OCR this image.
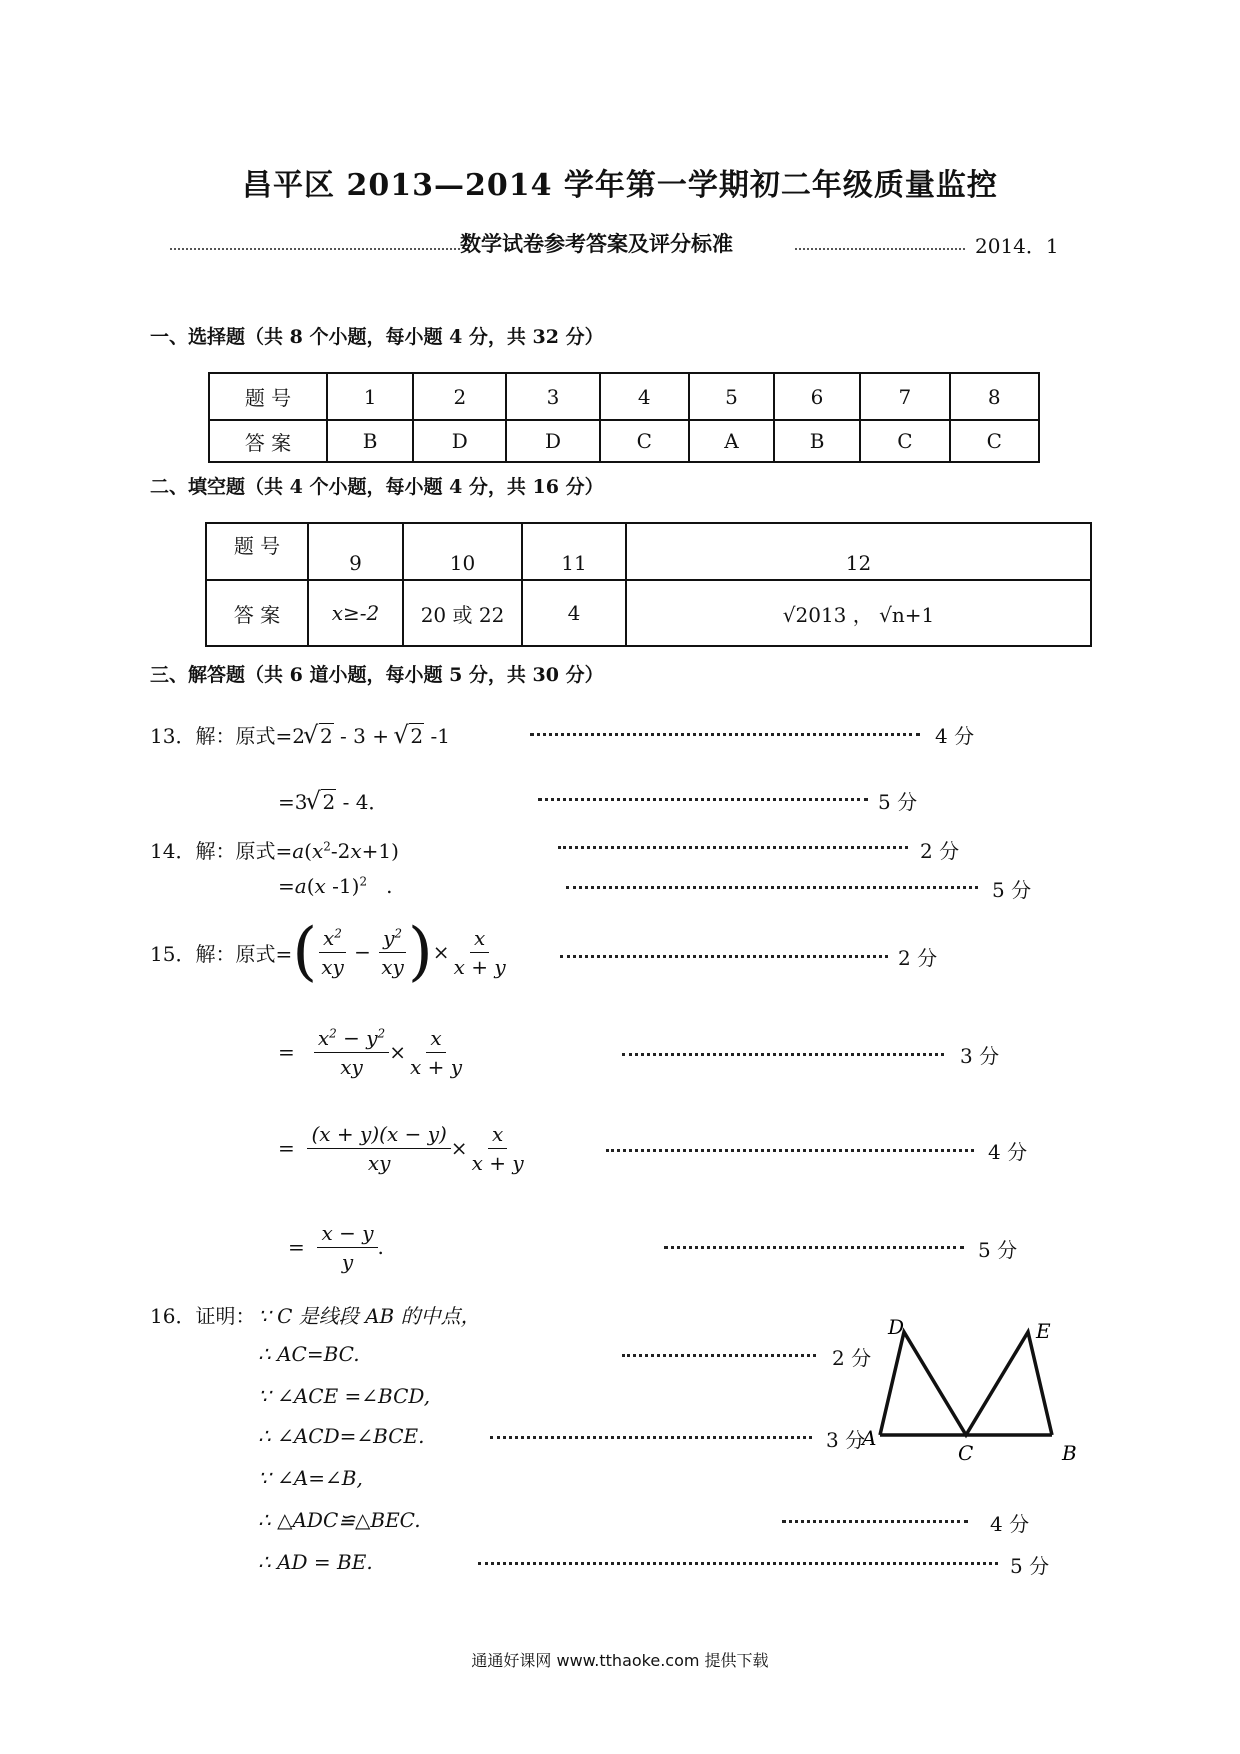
昌平区 2013—2014 学年第一学期初二年级质量监控
数学试卷参考答案及评分标准	2014．1
一、选择题（共 8 个小题，每小题 4 分，共 32 分）
题 号	1	2	3	4	5	6	7	8
答 案	B	D	D	C	A	B	C	C
二、填空题（共 4 个小题，每小题 4 分，共 16 分）
题 号	9	10	11	12
答 案	x≥-2	20 或 22	4	√2013 ， √n+1
三、解答题（共 6 道小题，每小题 5 分，共 30 分）
13．解：原式=2 √ 2 - 3 + √ 2 -1	4 分
=3 √ 2 - 4．	5 分
14．解：原式$=a(x^2-2x+1)$	2 分
=a(x -1)$^2$   .	5 分
15．解：原式= ( $\frac{x^2}{xy} - \frac{y^2}{xy}$ ) × $\frac{x}{x + y}$	2 分
= $\frac{x^2 - y^2}{xy} \times \frac{x}{x + y}$	3 分
= $\frac{(x + y)(x - y)}{xy} \times \frac{x}{x + y}$	4 分
= $\frac{x - y}{y}$ .	5 分
16．证明： ∵ C 是线段 AB 的中点，
∴ AC=BC.	2 分
∵ ∠ACE =∠BCD,
∴ ∠ACD=∠BCE.	3 分
∵ ∠A=∠B,
∴ △ADC≌△BEC.	4 分
∴ AD = BE.	5 分
D	E
A
C	B
通通好课网 www.tthaoke.com 提供下载
